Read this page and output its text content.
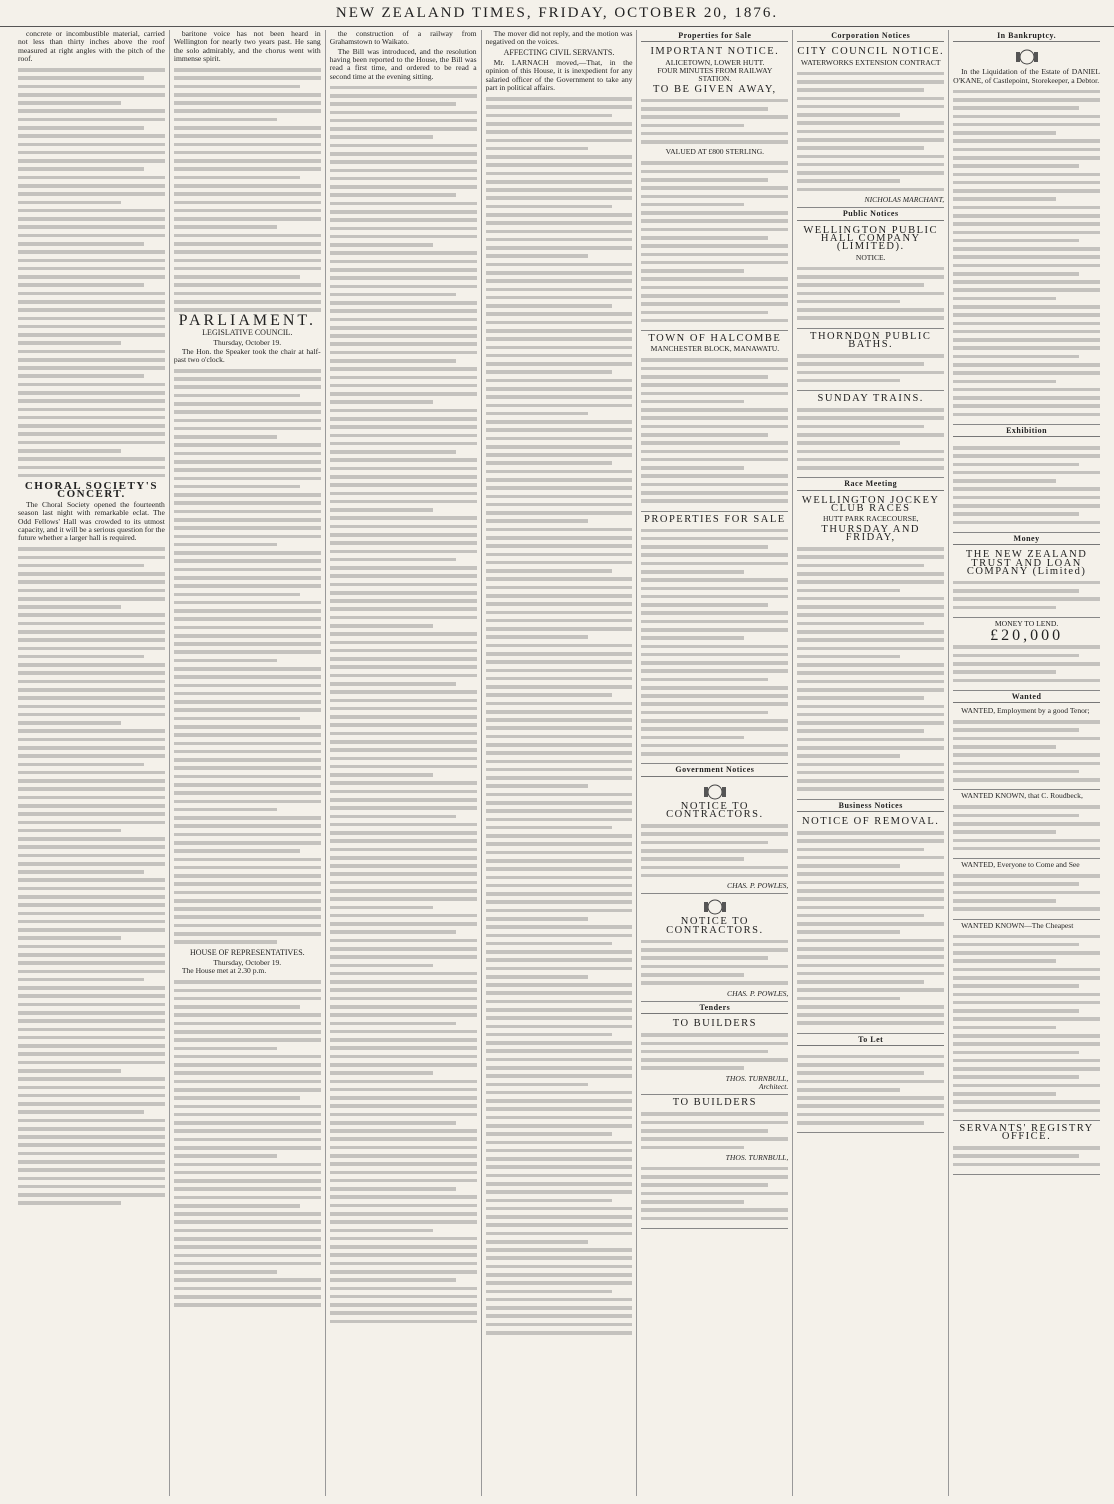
NEW ZEALAND TIMES, FRIDAY, OCTOBER 20, 1876.

concrete or incombustible material, carried not less than thirty inches above the roof measured at right angles with the pitch of the roof.

CHORAL SOCIETY'S CONCERT.

The Choral Society opened the fourteenth season last night with remarkable eclat. The Odd Fellows' Hall was crowded to its utmost capacity, and it will be a serious question for the future whether a larger hall is required.

baritone voice has not been heard in Wellington for nearly two years past. He sang the solo admirably, and the chorus went with immense spirit.

PARLIAMENT.
LEGISLATIVE COUNCIL.
Thursday, October 19.

The Hon. the Speaker took the chair at half-past two o'clock.

HOUSE OF REPRESENTATIVES.
Thursday, October 19.

The House met at 2.30 p.m.

the construction of a railway from Grahamstown to Waikato.

The Bill was introduced, and the resolution having been reported to the House, the Bill was read a first time, and ordered to be read a second time at the evening sitting.

The mover did not reply, and the motion was negatived on the voices.

AFFECTING CIVIL SERVANTS.

Mr. LARNACH moved,—That, in the opinion of this House, it is inexpedient for any salaried officer of the Government to take any part in political affairs.

Properties for Sale
IMPORTANT NOTICE.
ALICETOWN, LOWER HUTT.
FOUR MINUTES FROM RAILWAY STATION.
TO BE GIVEN AWAY,
VALUED AT £800 STERLING.
TOWN OF HALCOMBE
MANCHESTER BLOCK, MANAWATU.
PROPERTIES FOR SALE
Government Notices
NOTICE TO CONTRACTORS.
CHAS. P. POWLES,
NOTICE TO CONTRACTORS.
CHAS. P. POWLES,
Tenders
TO BUILDERS
THOS. TURNBULL,
Architect.
TO BUILDERS
THOS. TURNBULL,
Corporation Notices
CITY COUNCIL NOTICE.
WATERWORKS EXTENSION CONTRACT
NICHOLAS MARCHANT,
Public Notices
WELLINGTON PUBLIC HALL COMPANY (LIMITED).
NOTICE.
THORNDON PUBLIC BATHS.
SUNDAY TRAINS.
Race Meeting
WELLINGTON JOCKEY CLUB RACES
HUTT PARK RACECOURSE,
THURSDAY AND FRIDAY,
Business Notices
NOTICE OF REMOVAL.
To Let
In Bankruptcy.

In the Liquidation of the Estate of DANIEL O'KANE, of Castlepoint, Storekeeper, a Debtor.

Exhibition
Money
THE NEW ZEALAND TRUST AND LOAN COMPANY (Limited)
MONEY TO LEND.
£20,000
Wanted

WANTED, Employment by a good Tenor;

WANTED KNOWN, that C. Roudbeck,

WANTED, Everyone to Come and See

WANTED KNOWN—The Cheapest

SERVANTS' REGISTRY OFFICE.
